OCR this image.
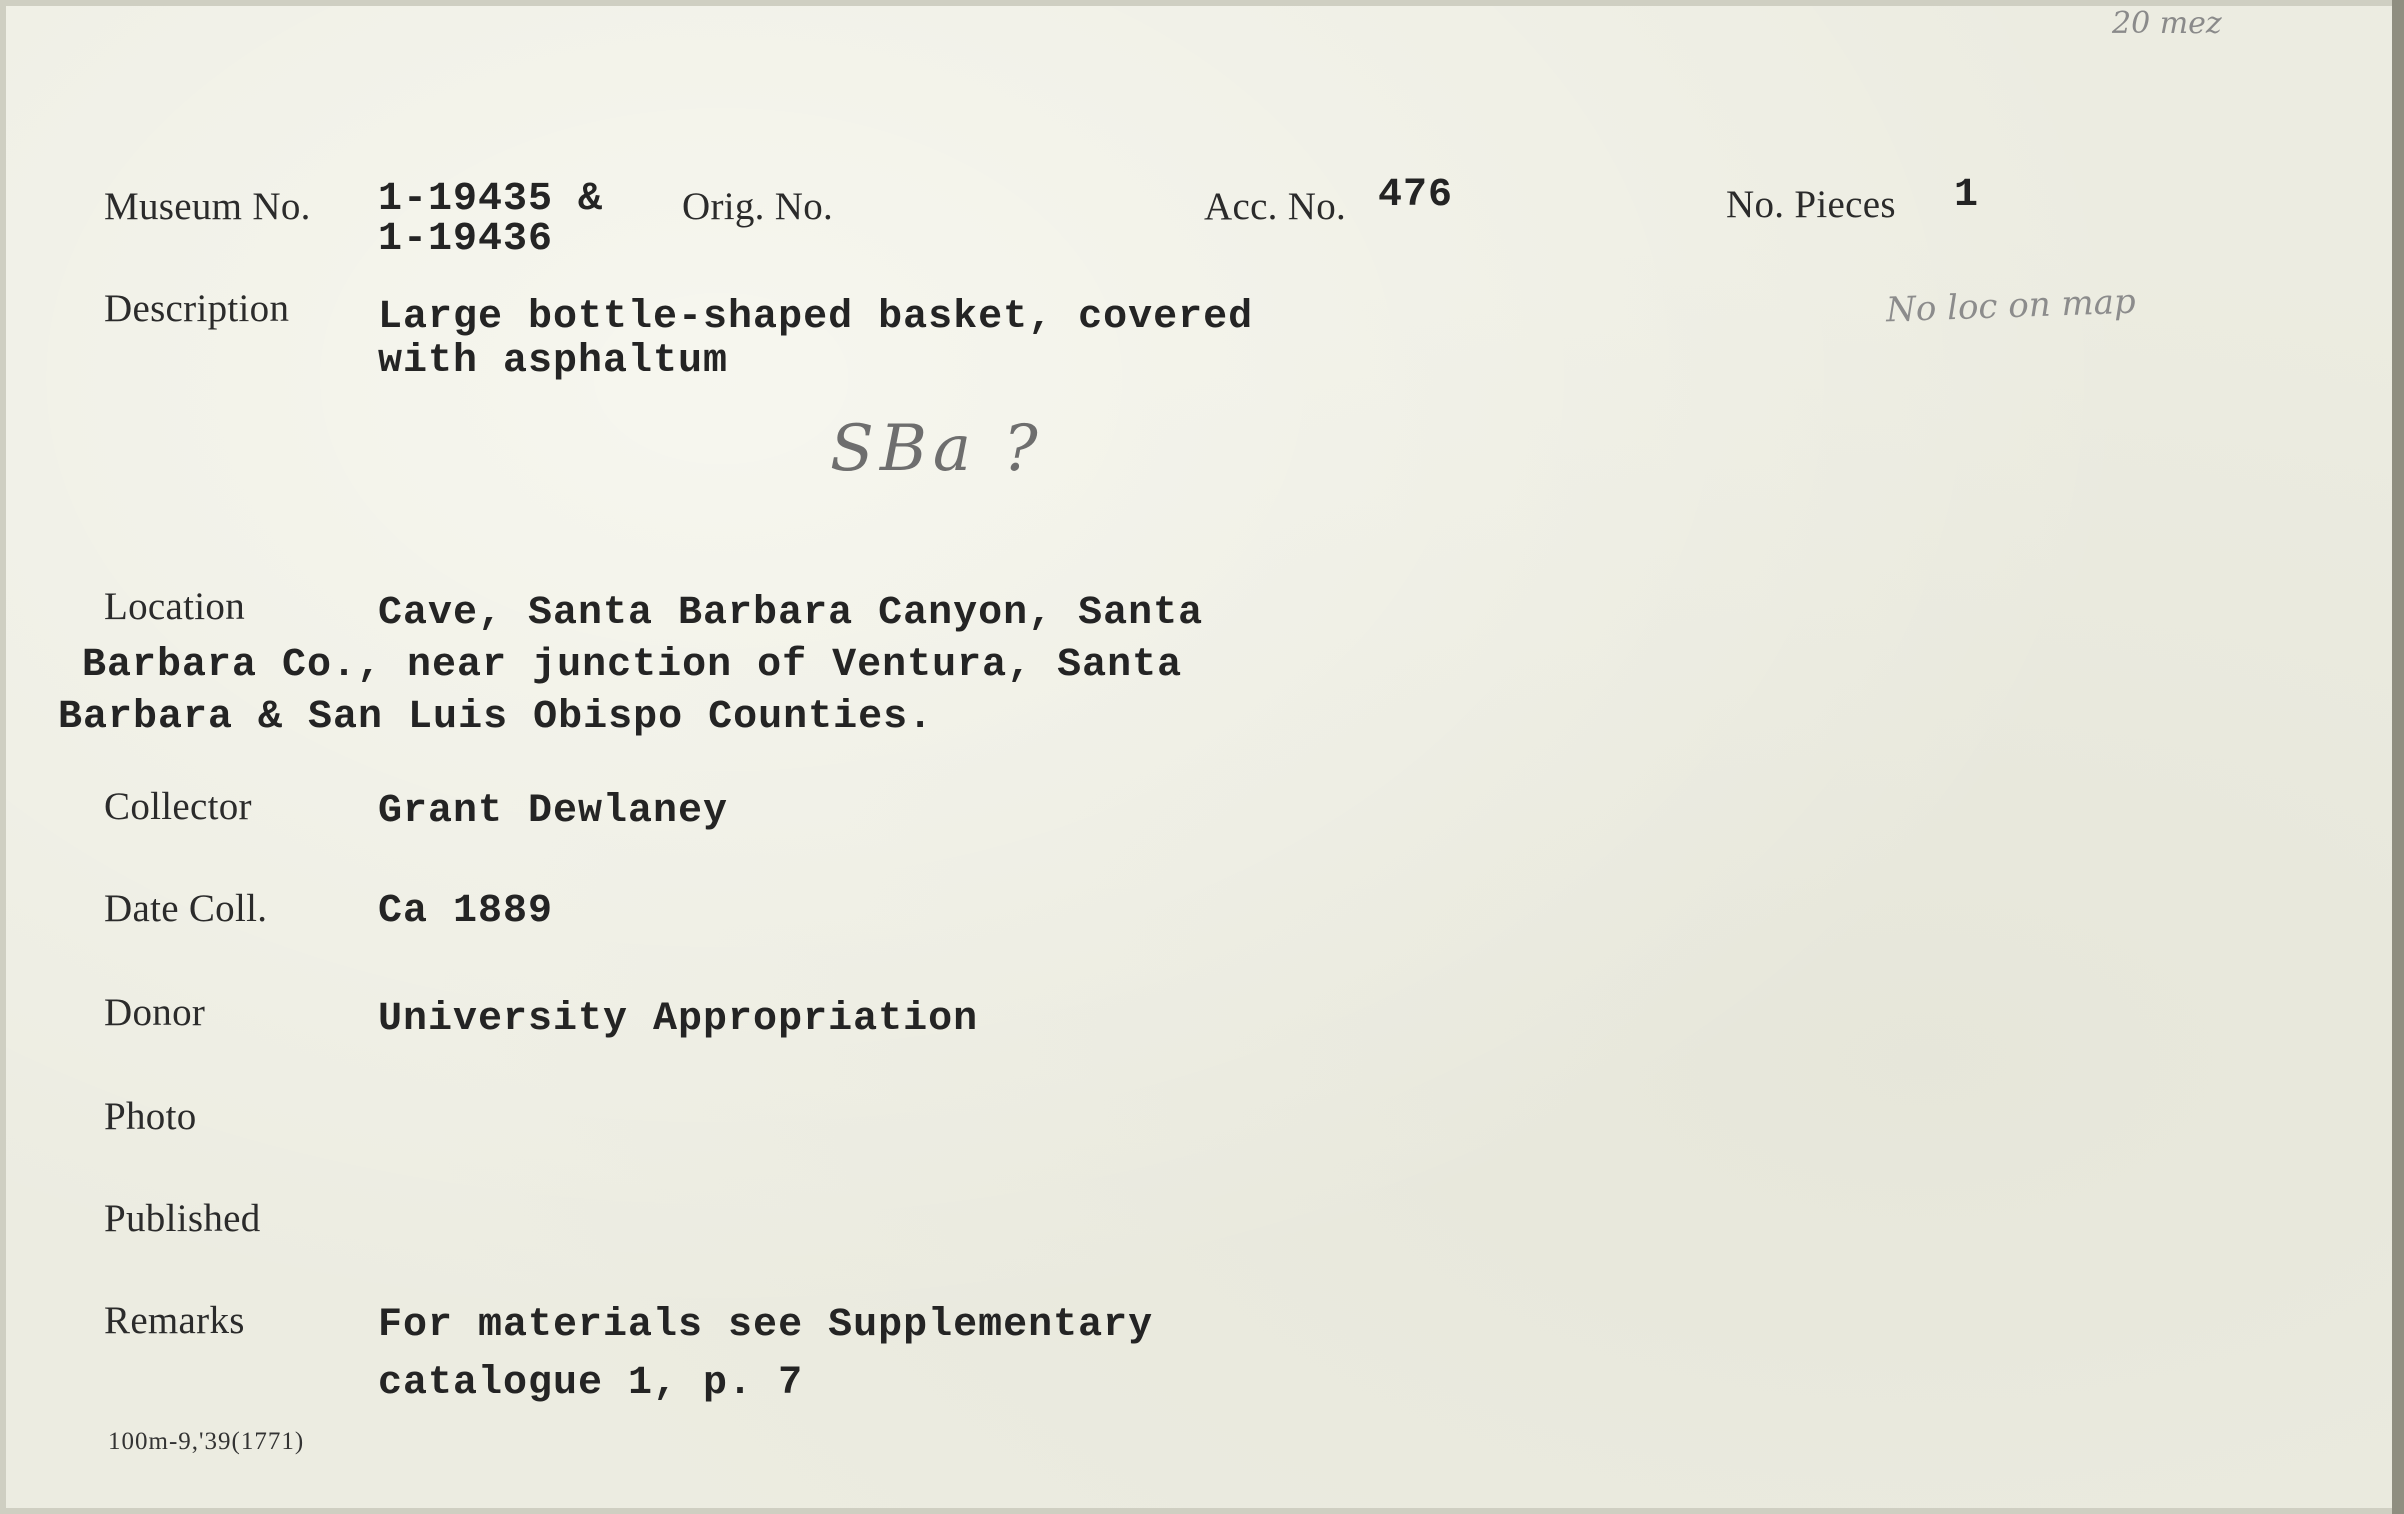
20 mez
Museum No. 1-19435 &
1-19436
Orig. No.	Acc. No. 476	No. Pieces 1
Description Large bottle-shaped basket, covered
with asphaltum
SBa ?
No loc on map
Location	Cave, Santa Barbara Canyon, Santa
Barbara Co., near junction of Ventura, Santa
Barbara & San Luis Obispo Counties.
Collector	Grant Dewlaney
Date Coll.	Ca 1889
Donor	University Appropriation
Photo
Published
Remarks	For materials see Supplementary
catalogue 1, p. 7
100m-9,'39(1771)
